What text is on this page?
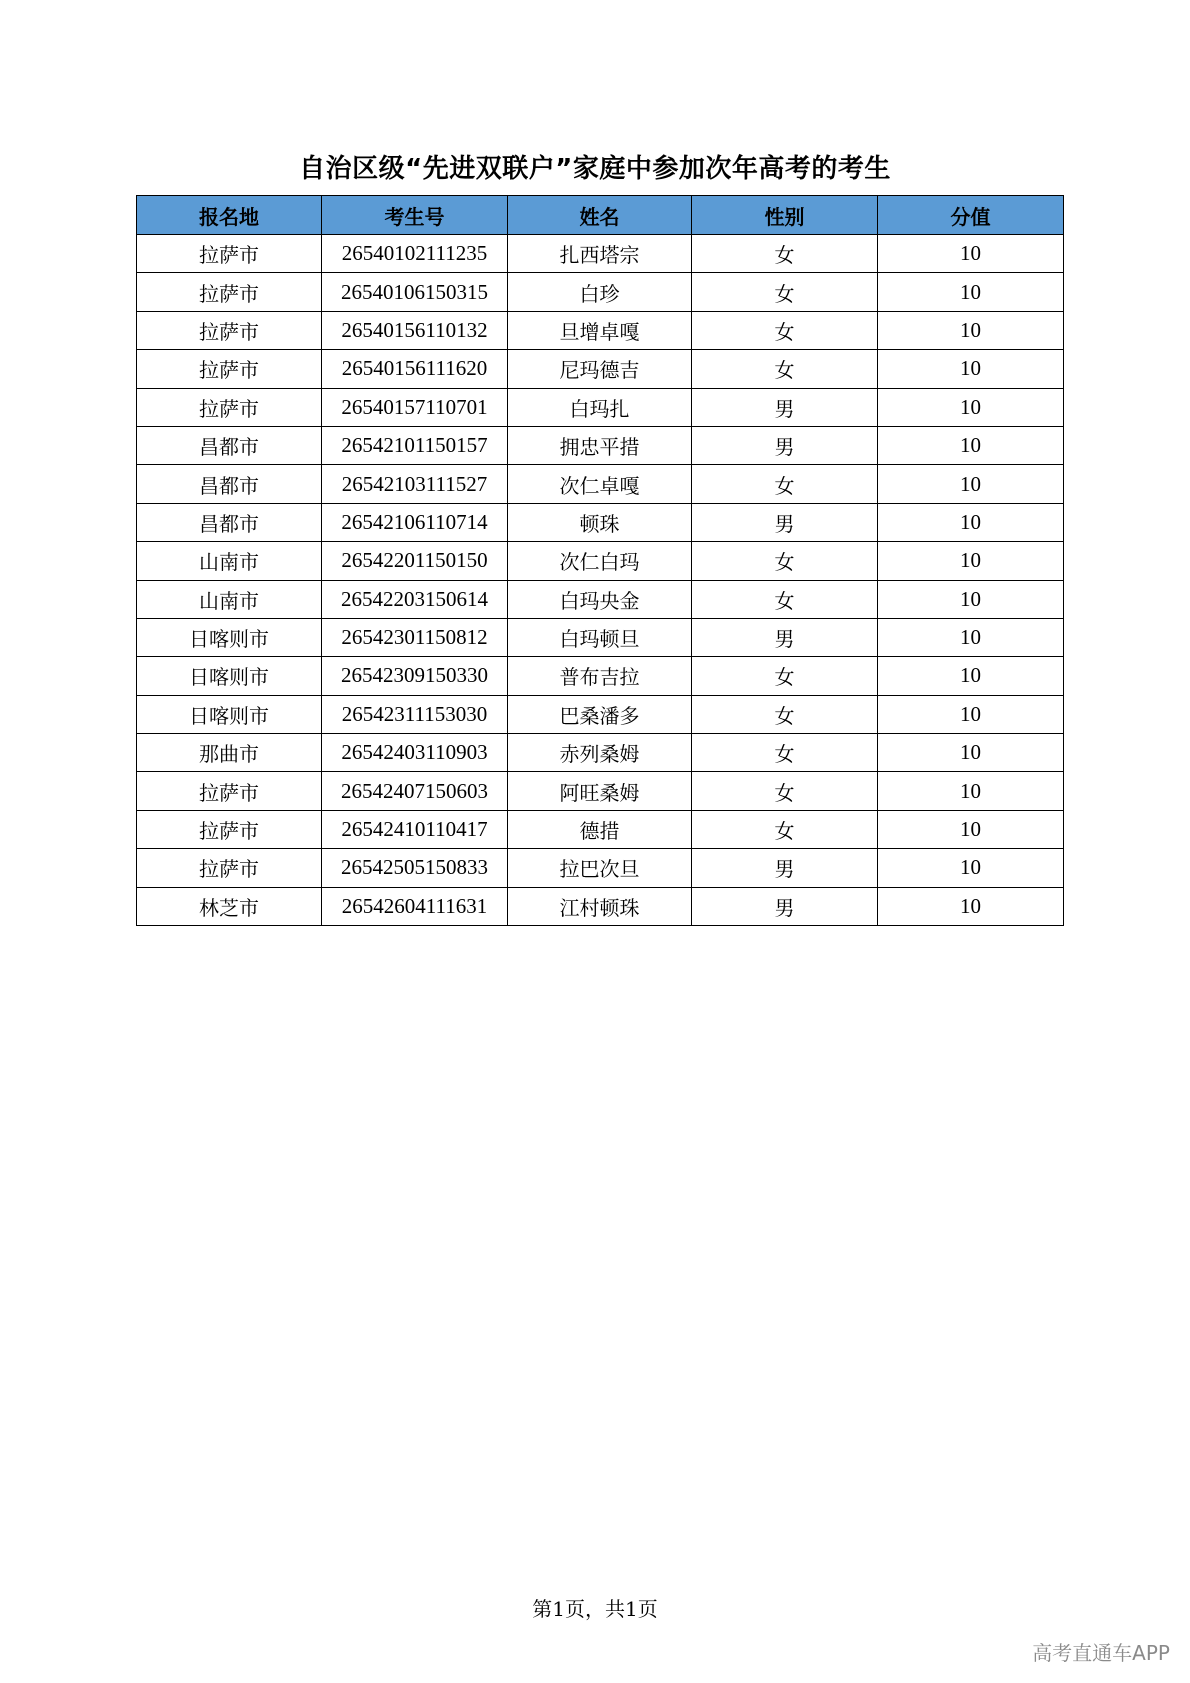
自治区级“先进双联户”家庭中参加次年高考的考生
报名地	考生号	姓名	性别	分值
拉萨市	26540102111235	扎西塔宗	女	10
拉萨市	26540106150315	白珍	女	10
拉萨市	26540156110132	旦增卓嘎	女	10
拉萨市	26540156111620	尼玛德吉	女	10
拉萨市	26540157110701	白玛扎	男	10
昌都市	26542101150157	拥忠平措	男	10
昌都市	26542103111527	次仁卓嘎	女	10
昌都市	26542106110714	顿珠	男	10
山南市	26542201150150	次仁白玛	女	10
山南市	26542203150614	白玛央金	女	10
日喀则市	26542301150812	白玛顿旦	男	10
日喀则市	26542309150330	普布吉拉	女	10
日喀则市	26542311153030	巴桑潘多	女	10
那曲市	26542403110903	赤列桑姆	女	10
拉萨市	26542407150603	阿旺桑姆	女	10
拉萨市	26542410110417	德措	女	10
拉萨市	26542505150833	拉巴次旦	男	10
林芝市	26542604111631	江村顿珠	男	10
第1页，共1页
高考直通车APP
